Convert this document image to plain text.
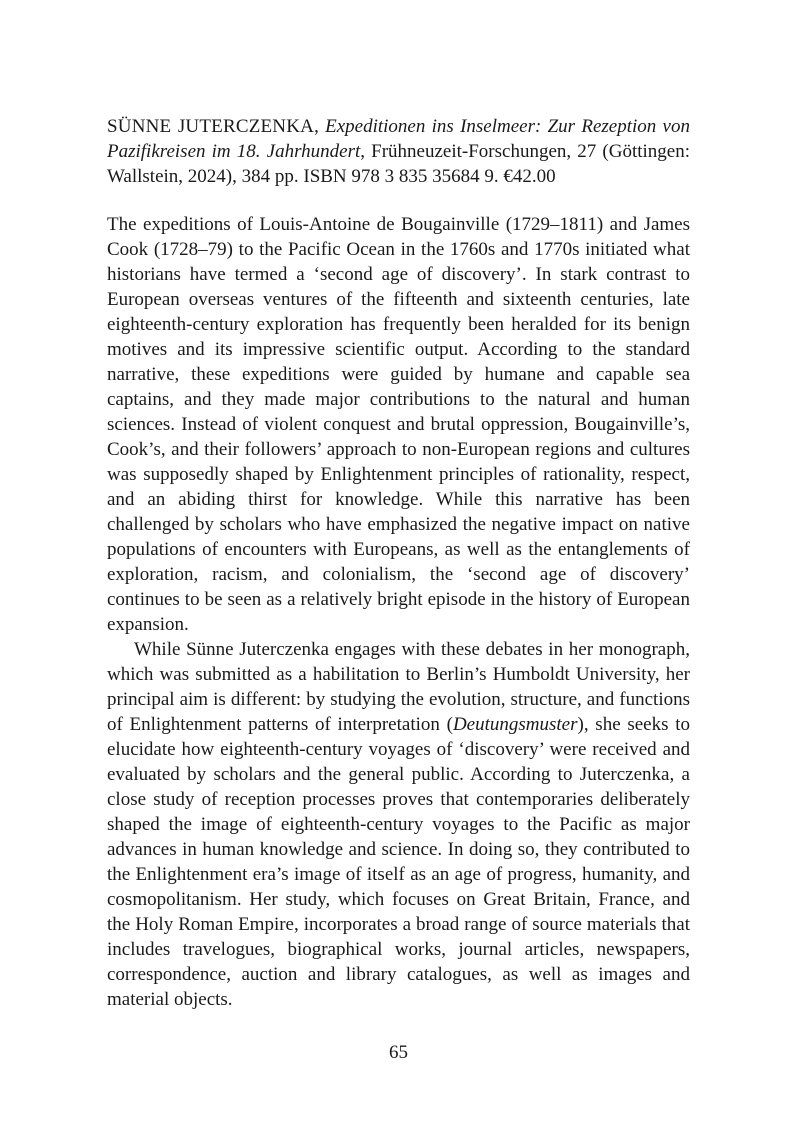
SÜNNE JUTERCZENKA, Expeditionen ins Inselmeer: Zur Rezeption von Pazifikreisen im 18. Jahrhundert, Frühneuzeit-Forschungen, 27 (Göttingen: Wallstein, 2024), 384 pp. ISBN 978 3 835 35684 9. €42.00

The expeditions of Louis-Antoine de Bougainville (1729–1811) and James Cook (1728–79) to the Pacific Ocean in the 1760s and 1770s initiated what historians have termed a ‘second age of discovery’. In stark contrast to European overseas ventures of the fifteenth and sixteenth centuries, late eighteenth-century exploration has frequently been heralded for its benign motives and its impressive scientific output. According to the standard narrative, these expeditions were guided by humane and capable sea captains, and they made major contributions to the natural and human sciences. Instead of violent conquest and brutal oppression, Bougainville’s, Cook’s, and their followers’ approach to non-European regions and cultures was supposedly shaped by Enlightenment principles of rationality, respect, and an abiding thirst for knowledge. While this narrative has been challenged by scholars who have emphasized the negative impact on native populations of encounters with Europeans, as well as the entanglements of exploration, racism, and colonialism, the ‘second age of discovery’ continues to be seen as a relatively bright episode in the history of European expansion.

While Sünne Juterczenka engages with these debates in her monograph, which was submitted as a habilitation to Berlin’s Humboldt University, her principal aim is different: by studying the evolution, structure, and functions of Enlightenment patterns of interpretation (Deutungsmuster), she seeks to elucidate how eighteenth-century voyages of ‘discovery’ were received and evaluated by scholars and the general public. According to Juterczenka, a close study of reception processes proves that contemporaries deliberately shaped the image of eighteenth-century voyages to the Pacific as major advances in human knowledge and science. In doing so, they contributed to the Enlightenment era’s image of itself as an age of progress, humanity, and cosmopolitanism. Her study, which focuses on Great Britain, France, and the Holy Roman Empire, incorporates a broad range of source materials that includes travelogues, biographical works, journal articles, newspapers, correspondence, auction and library catalogues, as well as images and material objects.

65
